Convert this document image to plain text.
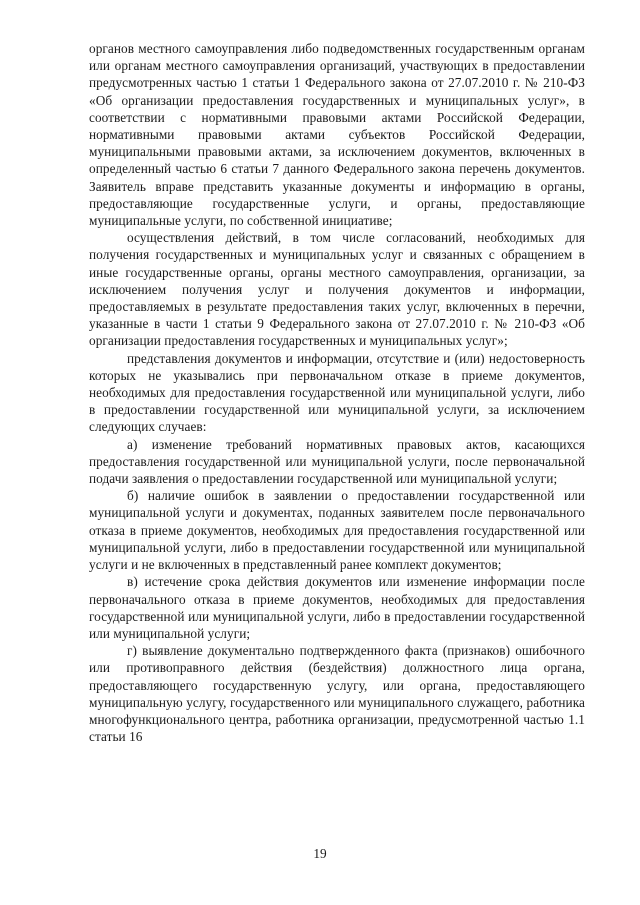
органов местного самоуправления либо подведомственных государственным органам или органам местного самоуправления организаций, участвующих в предоставлении предусмотренных частью 1 статьи 1 Федерального закона от 27.07.2010 г. № 210-ФЗ «Об организации предоставления государственных и муниципальных услуг», в соответствии с нормативными правовыми актами Российской Федерации, нормативными правовыми актами субъектов Российской Федерации, муниципальными правовыми актами, за исключением документов, включенных в определенный частью 6 статьи 7 данного Федерального закона перечень документов. Заявитель вправе представить указанные документы и информацию в органы, предоставляющие государственные услуги, и органы, предоставляющие муниципальные услуги, по собственной инициативе;

осуществления действий, в том числе согласований, необходимых для получения государственных и муниципальных услуг и связанных с обращением в иные государственные органы, органы местного самоуправления, организации, за исключением получения услуг и получения документов и информации, предоставляемых в результате предоставления таких услуг, включенных в перечни, указанные в части 1 статьи 9 Федерального закона от 27.07.2010 г. № 210-ФЗ «Об организации предоставления государственных и муниципальных услуг»;

представления документов и информации, отсутствие и (или) недостоверность которых не указывались при первоначальном отказе в приеме документов, необходимых для предоставления государственной или муниципальной услуги, либо в предоставлении государственной или муниципальной услуги, за исключением следующих случаев:

а) изменение требований нормативных правовых актов, касающихся предоставления государственной или муниципальной услуги, после первоначальной подачи заявления о предоставлении государственной или муниципальной услуги;

б) наличие ошибок в заявлении о предоставлении государственной или муниципальной услуги и документах, поданных заявителем после первоначального отказа в приеме документов, необходимых для предоставления государственной или муниципальной услуги, либо в предоставлении государственной или муниципальной услуги и не включенных в представленный ранее комплект документов;

в) истечение срока действия документов или изменение информации после первоначального отказа в приеме документов, необходимых для предоставления государственной или муниципальной услуги, либо в предоставлении государственной или муниципальной услуги;

г) выявление документально подтвержденного факта (признаков) ошибочного или противоправного действия (бездействия) должностного лица органа, предоставляющего государственную услугу, или органа, предоставляющего муниципальную услугу, государственного или муниципального служащего, работника многофункционального центра, работника организации, предусмотренной частью 1.1 статьи 16

19
